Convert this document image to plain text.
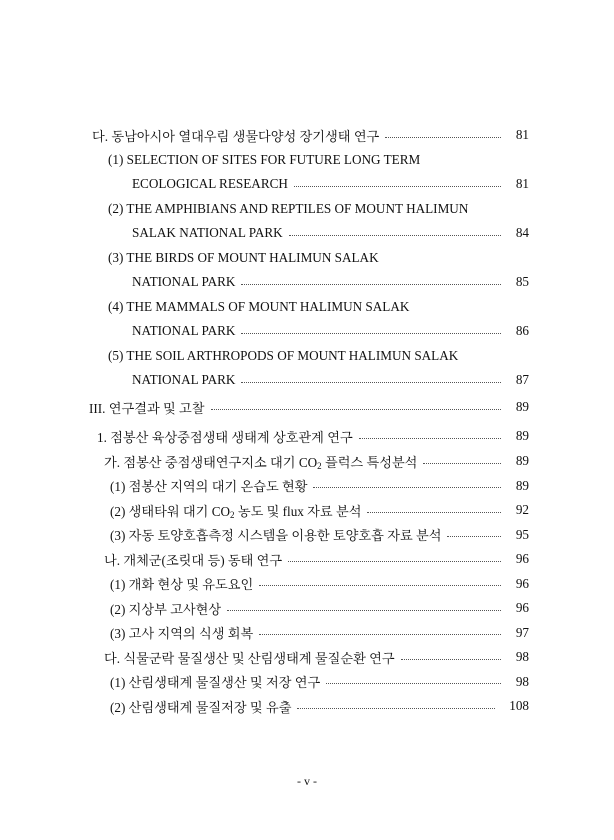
다. 동남아시아 열대우림 생물다양성 장기생태 연구	81
(1) SELECTION OF SITES FOR FUTURE LONG TERM
ECOLOGICAL RESEARCH	81
(2) THE AMPHIBIANS AND REPTILES OF MOUNT HALIMUN
SALAK NATIONAL PARK	84
(3) THE BIRDS OF MOUNT HALIMUN SALAK
NATIONAL PARK	85
(4) THE MAMMALS OF MOUNT HALIMUN SALAK
NATIONAL PARK	86
(5) THE SOIL ARTHROPODS OF MOUNT HALIMUN SALAK
NATIONAL PARK	87
III. 연구결과 및 고찰	89
1. 점봉산 육상중점생태 생태계 상호관계 연구	89
가. 점봉산 중점생태연구지소 대기 $CO_2$ 플럭스 특성분석	89
(1) 점봉산 지역의 대기 온습도 현황	89
(2) 생태타워 대기 $CO_2$ 농도 및 flux 자료 분석	92
(3) 자동 토양호흡측정 시스템을 이용한 토양호흡 자료 분석	95
나. 개체군(조릿대 등) 동태 연구	96
(1) 개화 현상 및 유도요인	96
(2) 지상부 고사현상	96
(3) 고사 지역의 식생 회복	97
다. 식물군락 물질생산 및 산림생태계 물질순환 연구	98
(1) 산림생태계 물질생산 및 저장 연구	98
(2) 산림생태계 물질저장 및 유출	108
- v -
